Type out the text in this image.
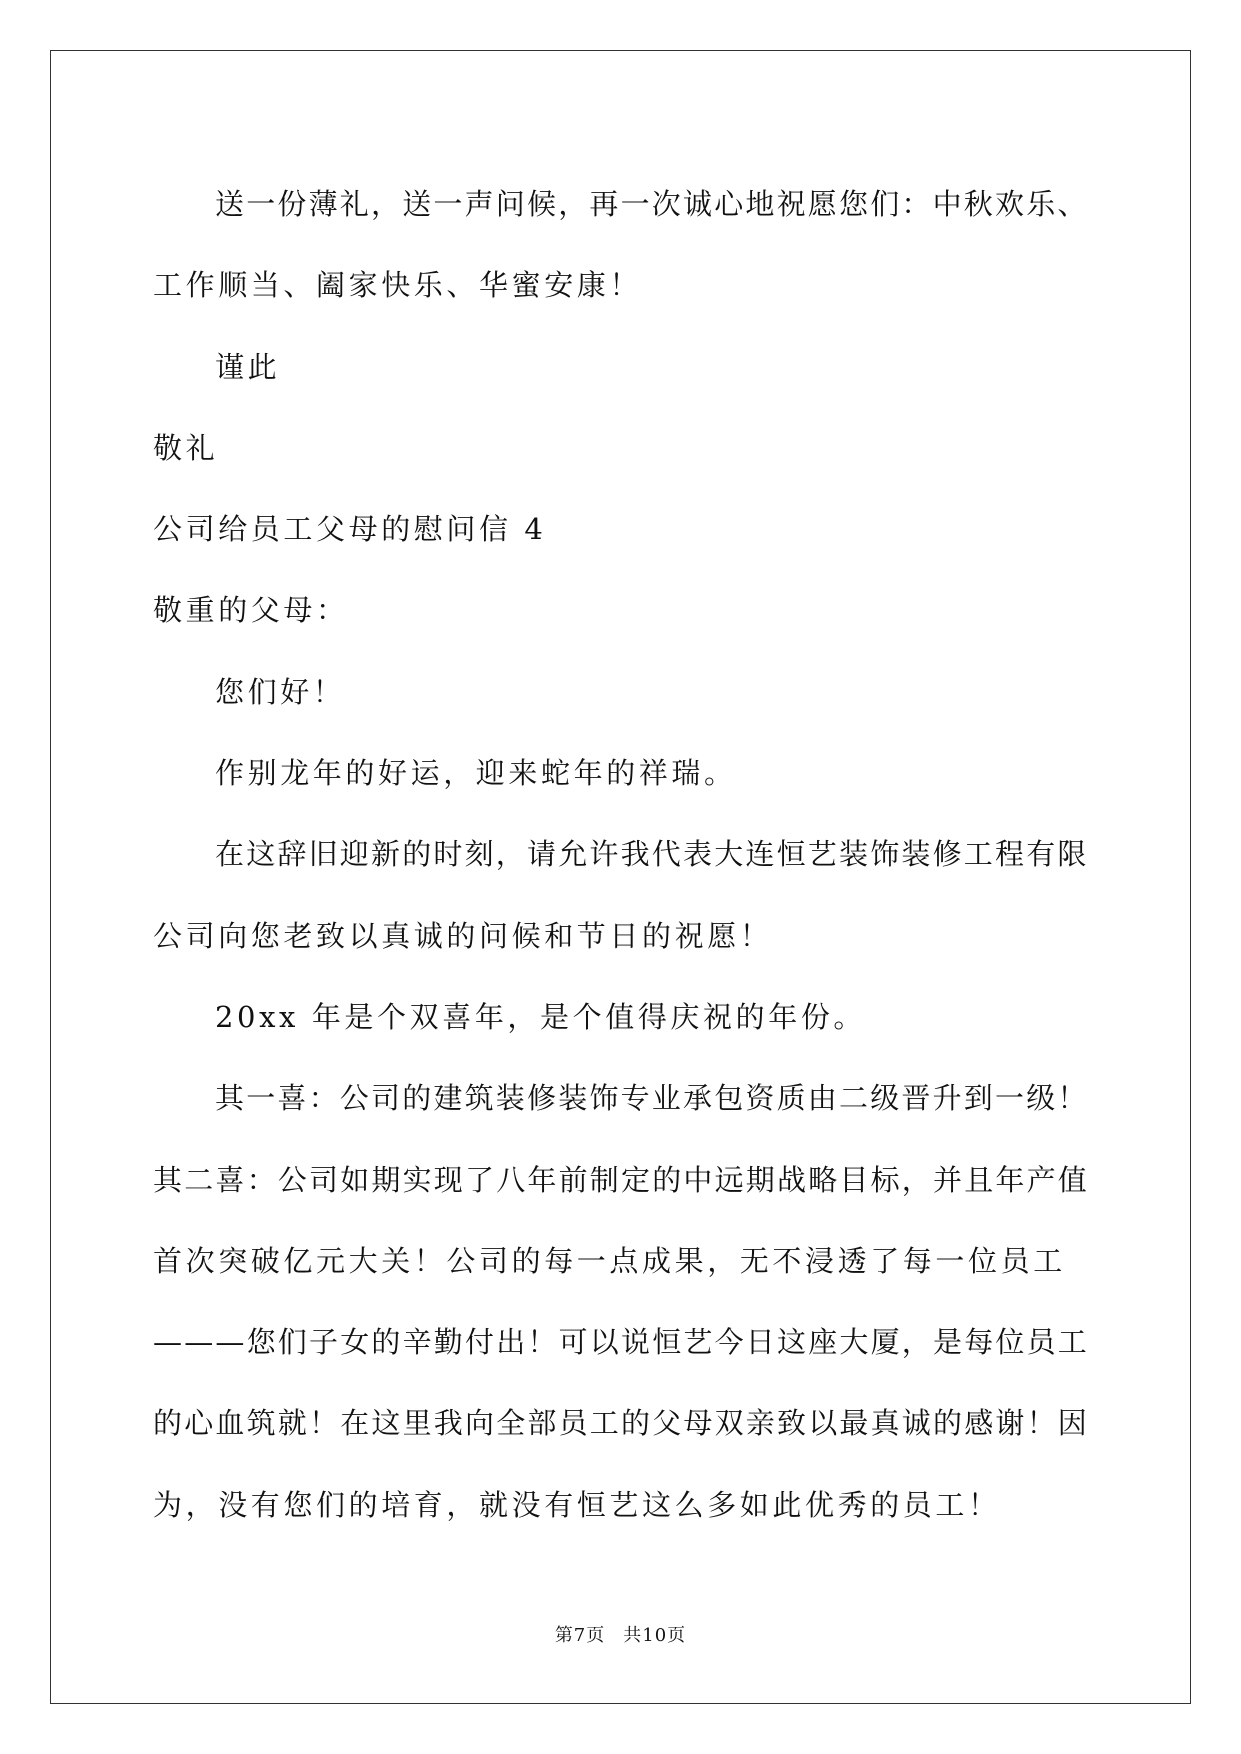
送一份薄礼，送一声问候，再一次诚心地祝愿您们：中秋欢乐、

工作顺当、阖家快乐、华蜜安康！

谨此

敬礼

公司给员工父母的慰问信 4

敬重的父母：

您们好！

作别龙年的好运，迎来蛇年的祥瑞。

在这辞旧迎新的时刻，请允许我代表大连恒艺装饰装修工程有限

公司向您老致以真诚的问候和节日的祝愿！

20xx 年是个双喜年，是个值得庆祝的年份。

其一喜：公司的建筑装修装饰专业承包资质由二级晋升到一级！

其二喜：公司如期实现了八年前制定的中远期战略目标，并且年产值

首次突破亿元大关！公司的每一点成果，无不浸透了每一位员工

———您们子女的辛勤付出！可以说恒艺今日这座大厦，是每位员工

的心血筑就！在这里我向全部员工的父母双亲致以最真诚的感谢！因

为，没有您们的培育，就没有恒艺这么多如此优秀的员工！

第7页 共10页
